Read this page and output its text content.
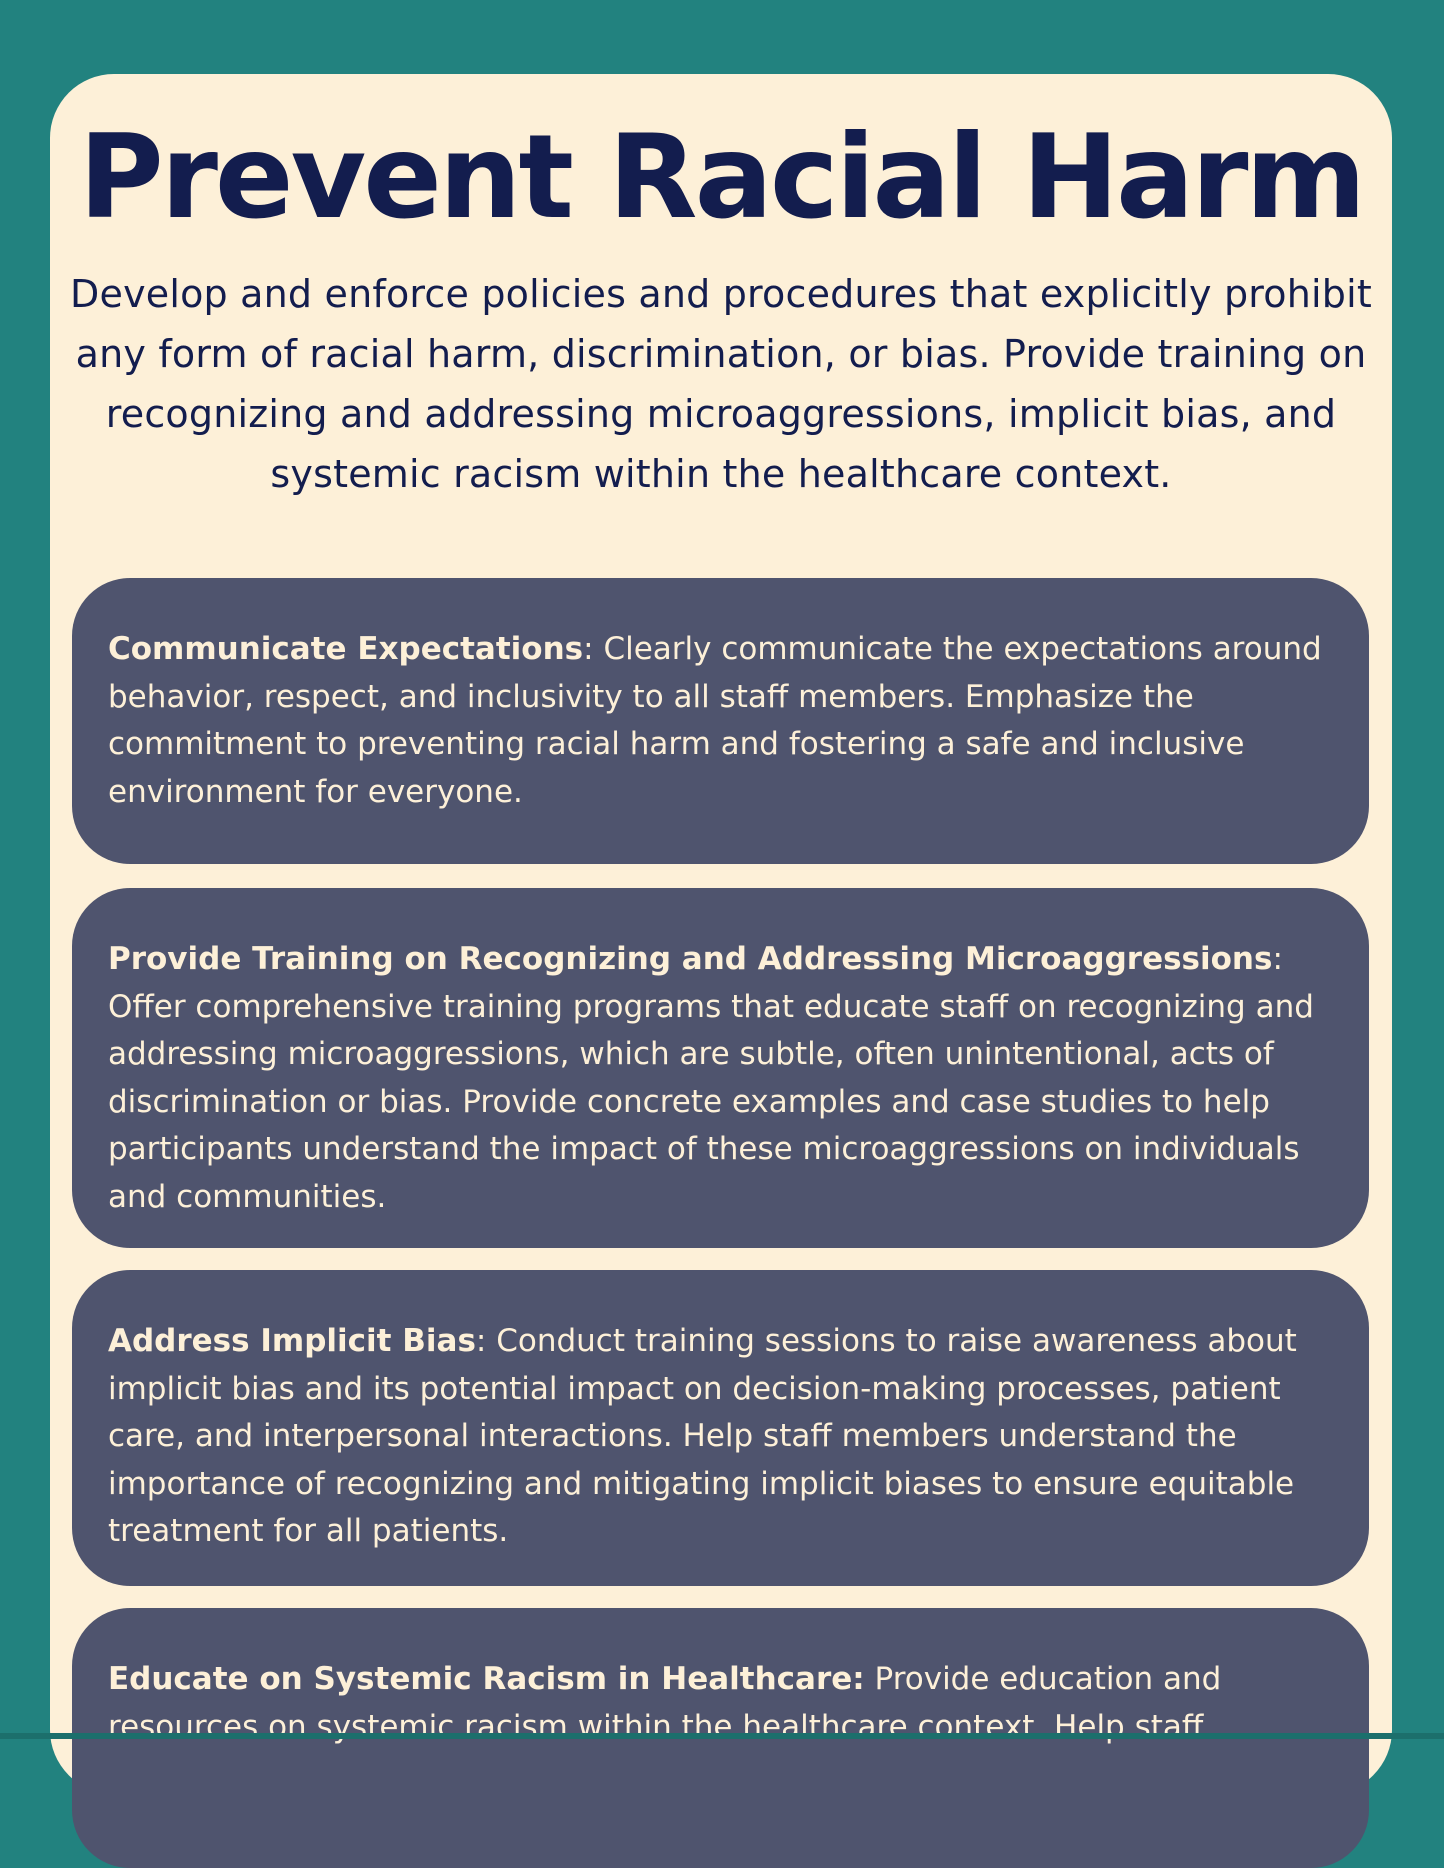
Prevent Racial Harm

Develop and enforce policies and procedures that explicitly prohibit any form of racial harm, discrimination, or bias. Provide training on recognizing and addressing microaggressions, implicit bias, and systemic racism within the healthcare context.

Communicate Expectations: Clearly communicate the expectations around behavior, respect, and inclusivity to all staff members. Emphasize the commitment to preventing racial harm and fostering a safe and inclusive environment for everyone.

Provide Training on Recognizing and Addressing Microaggressions: Offer comprehensive training programs that educate staff on recognizing and addressing microaggressions, which are subtle, often unintentional, acts of discrimination or bias. Provide concrete examples and case studies to help participants understand the impact of these microaggressions on individuals and communities.

Address Implicit Bias: Conduct training sessions to raise awareness about implicit bias and its potential impact on decision-making processes, patient care, and interpersonal interactions. Help staff members understand the importance of recognizing and mitigating implicit biases to ensure equitable treatment for all patients.

Educate on Systemic Racism in Healthcare: Provide education and resources on systemic racism within the healthcare context. Help staff
